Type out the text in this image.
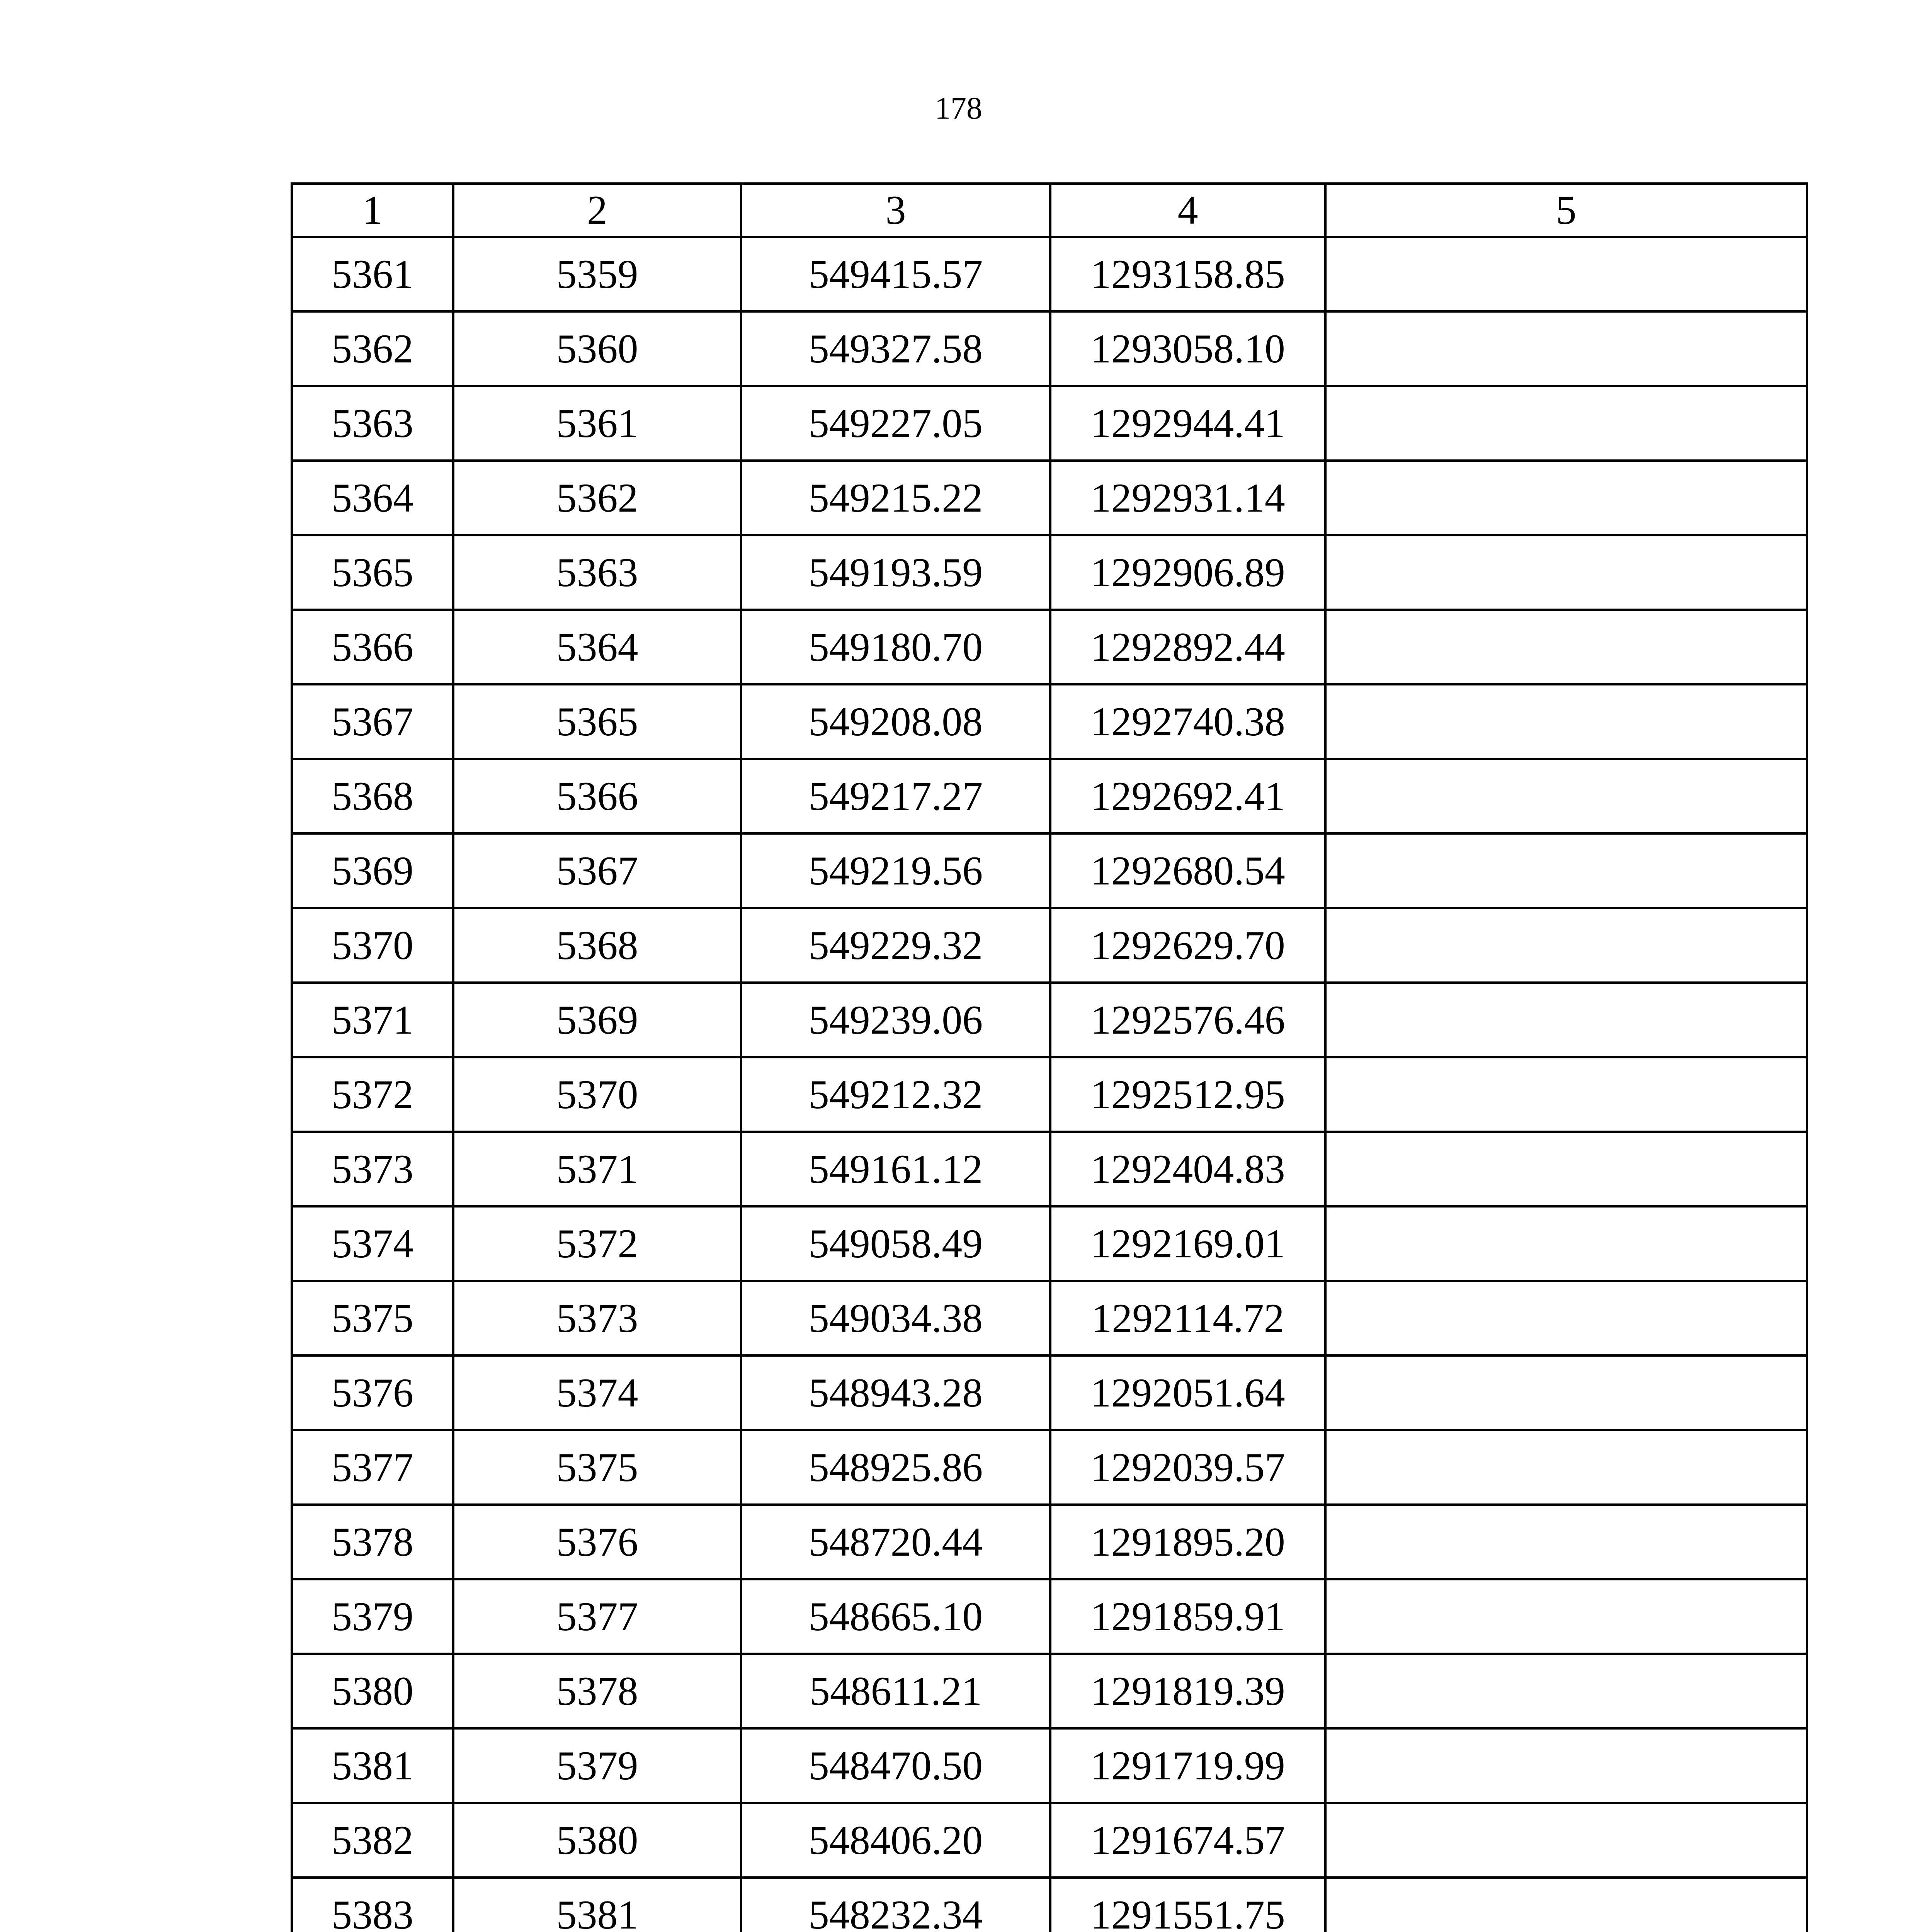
178
1	2	3	4	5
5361	5359	549415.57	1293158.85	
5362	5360	549327.58	1293058.10	
5363	5361	549227.05	1292944.41	
5364	5362	549215.22	1292931.14	
5365	5363	549193.59	1292906.89	
5366	5364	549180.70	1292892.44	
5367	5365	549208.08	1292740.38	
5368	5366	549217.27	1292692.41	
5369	5367	549219.56	1292680.54	
5370	5368	549229.32	1292629.70	
5371	5369	549239.06	1292576.46	
5372	5370	549212.32	1292512.95	
5373	5371	549161.12	1292404.83	
5374	5372	549058.49	1292169.01	
5375	5373	549034.38	1292114.72	
5376	5374	548943.28	1292051.64	
5377	5375	548925.86	1292039.57	
5378	5376	548720.44	1291895.20	
5379	5377	548665.10	1291859.91	
5380	5378	548611.21	1291819.39	
5381	5379	548470.50	1291719.99	
5382	5380	548406.20	1291674.57	
5383	5381	548232.34	1291551.75	
